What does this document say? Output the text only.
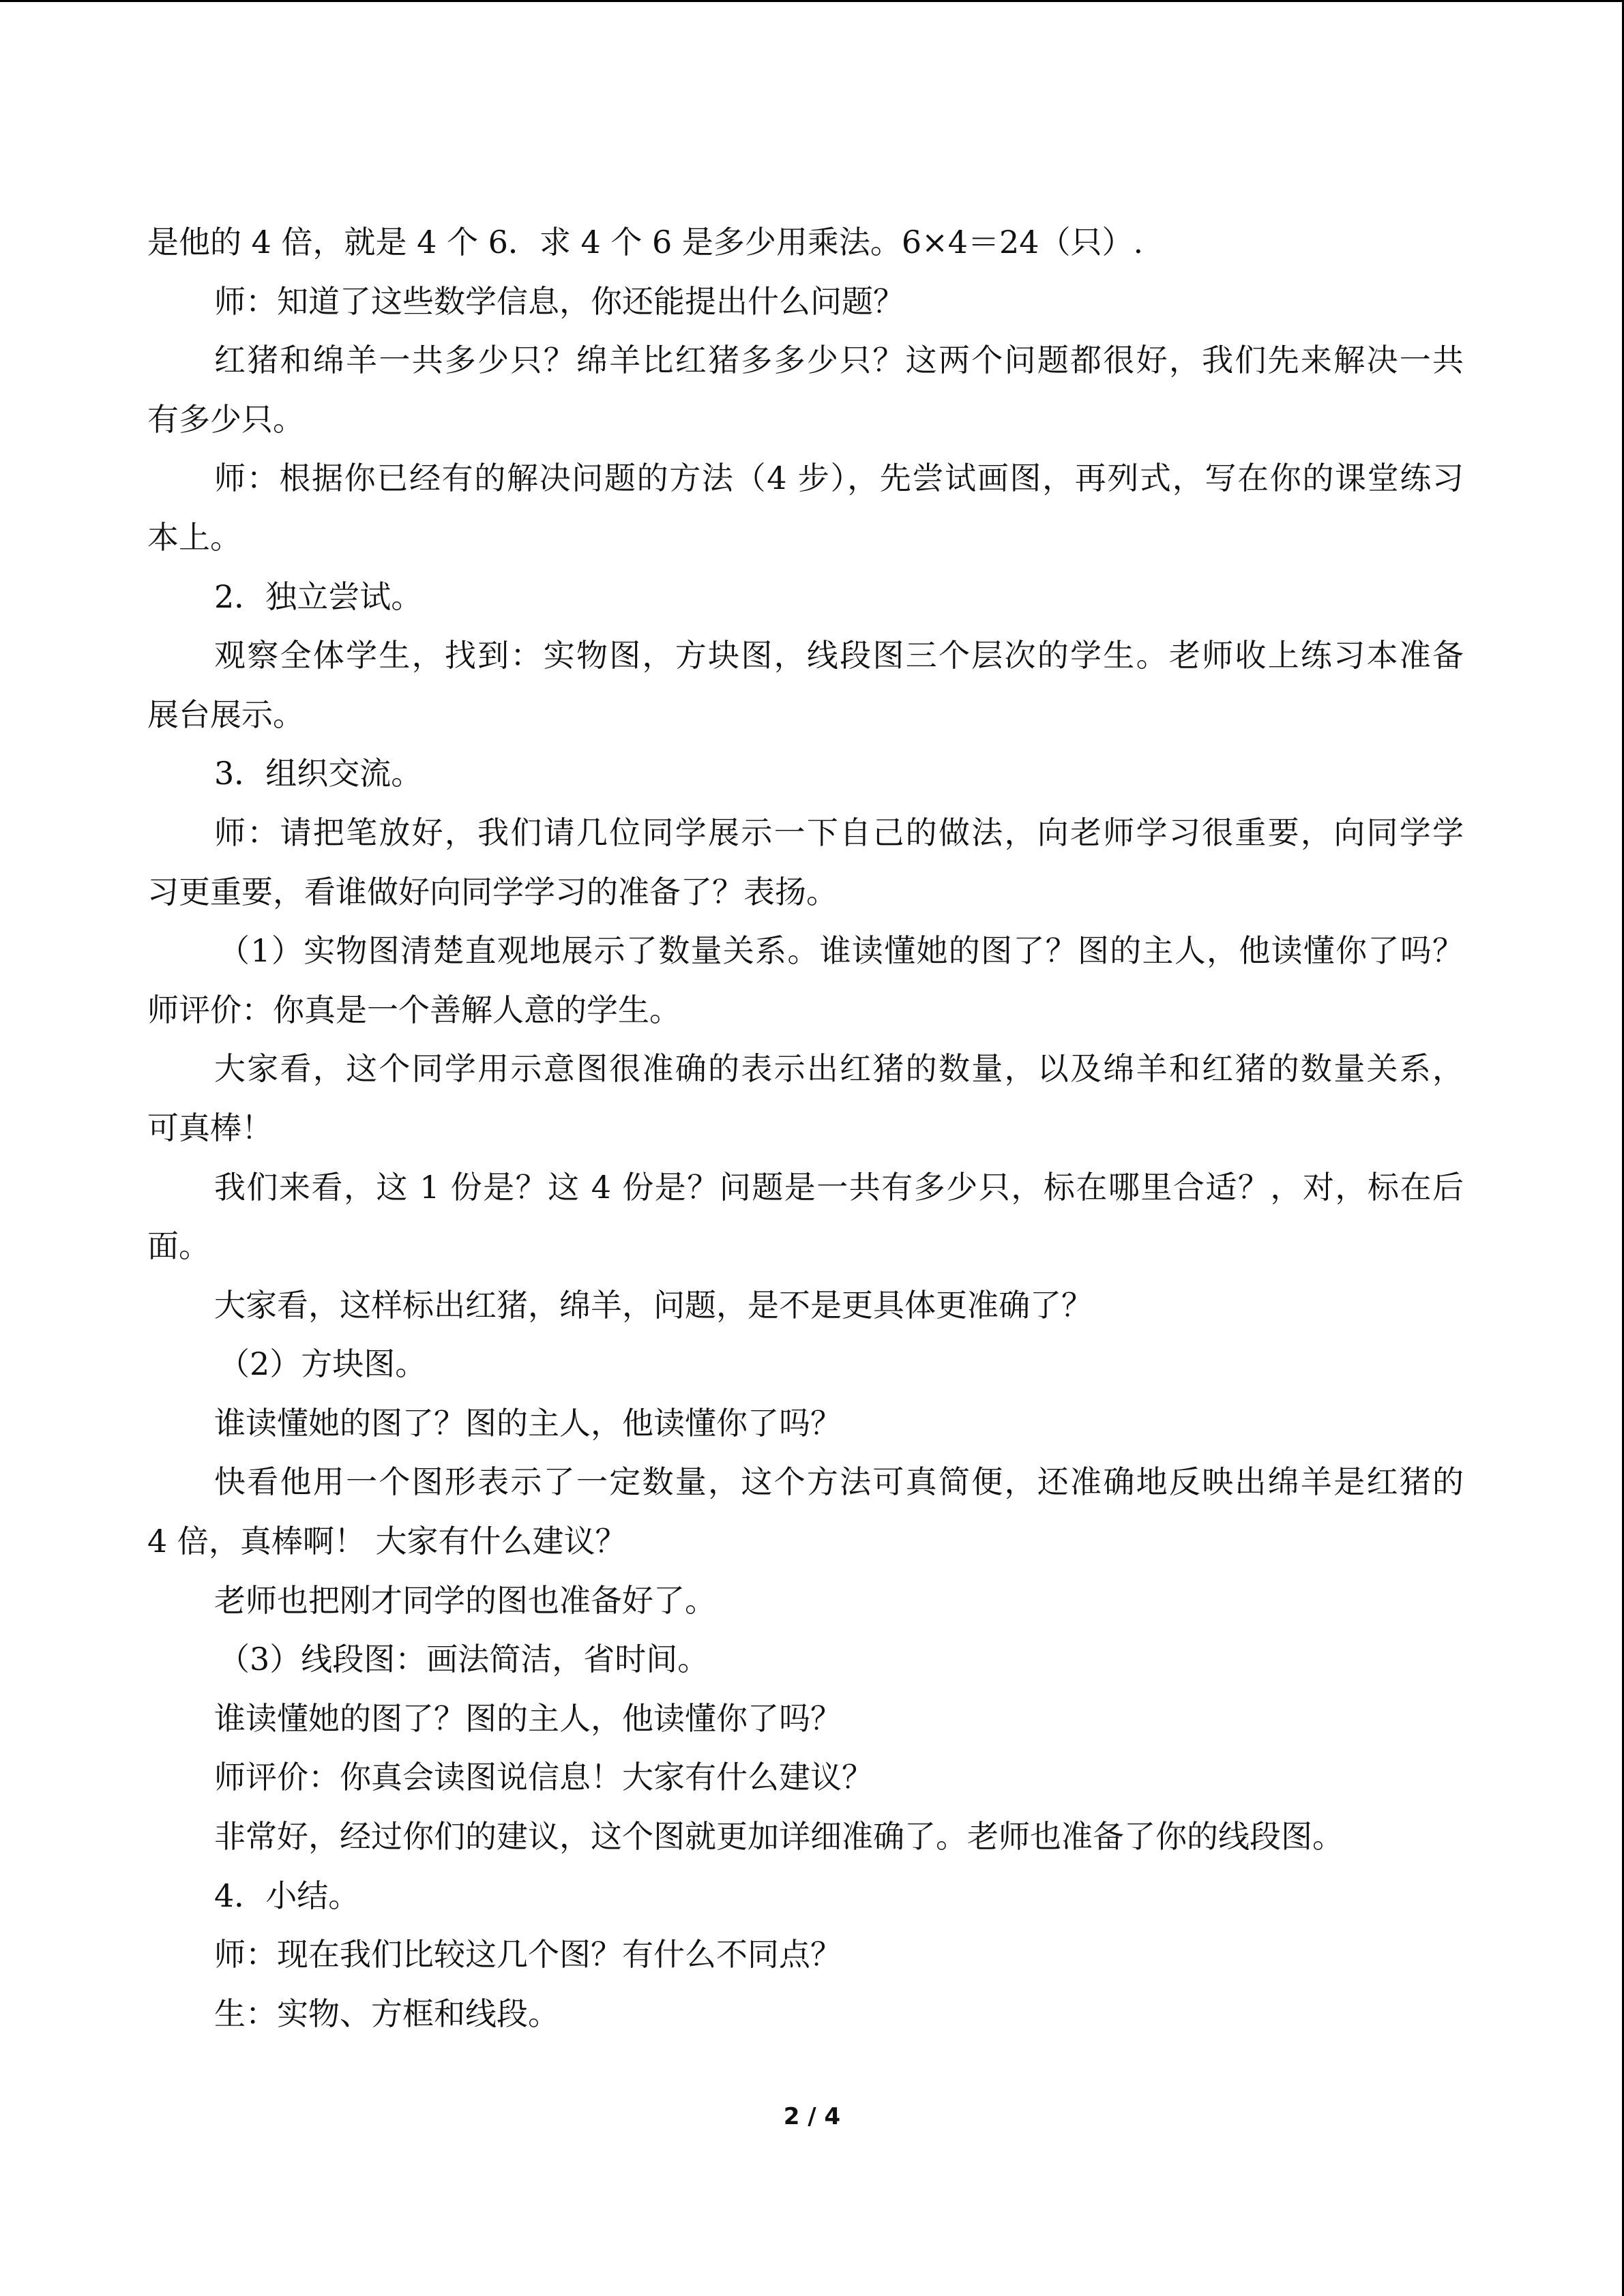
是他的 4 倍，就是 4 个 6．求 4 个 6 是多少用乘法。6×4＝24（只）.
师：知道了这些数学信息，你还能提出什么问题？
红猪和绵羊一共多少只？绵羊比红猪多多少只？这两个问题都很好，我们先来解决一共
有多少只。
师：根据你已经有的解决问题的方法（4 步），先尝试画图，再列式，写在你的课堂练习
本上。
2．独立尝试。
观察全体学生，找到：实物图，方块图，线段图三个层次的学生。老师收上练习本准备
展台展示。
3．组织交流。
师：请把笔放好，我们请几位同学展示一下自己的做法，向老师学习很重要，向同学学
习更重要，看谁做好向同学学习的准备了？表扬。
（1）实物图清楚直观地展示了数量关系。谁读懂她的图了？图的主人，他读懂你了吗？
师评价：你真是一个善解人意的学生。
大家看，这个同学用示意图很准确的表示出红猪的数量，以及绵羊和红猪的数量关系，
可真棒！
我们来看，这 1 份是？这 4 份是？问题是一共有多少只，标在哪里合适？，对，标在后
面。
大家看，这样标出红猪，绵羊，问题，是不是更具体更准确了？
（2）方块图。
谁读懂她的图了？图的主人，他读懂你了吗？
快看他用一个图形表示了一定数量，这个方法可真简便，还准确地反映出绵羊是红猪的
4 倍，真棒啊！ 大家有什么建议？
老师也把刚才同学的图也准备好了。
（3）线段图：画法简洁，省时间。
谁读懂她的图了？图的主人，他读懂你了吗？
师评价：你真会读图说信息！大家有什么建议？
非常好，经过你们的建议，这个图就更加详细准确了。老师也准备了你的线段图。
4．小结。
师：现在我们比较这几个图？有什么不同点？
生：实物、方框和线段。
2 / 4
